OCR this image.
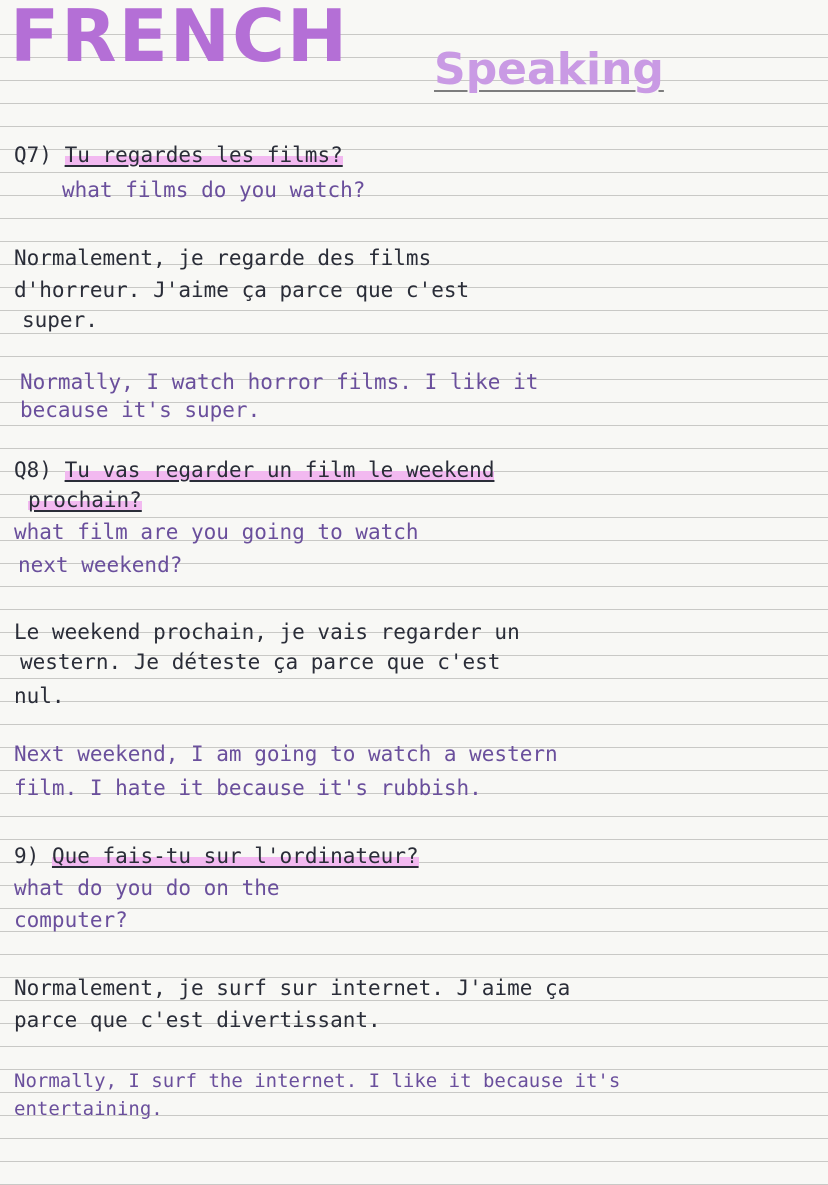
FRENCH Speaking
Q7) Tu regardes les films?
what films do you watch?
Normalement, je regarde des films
d'horreur. J'aime ça parce que c'est
super.
Normally, I watch horror films. I like it
because it's super.
Q8) Tu vas regarder un film le weekend
prochain?
what film are you going to watch
next weekend?
Le weekend prochain, je vais regarder un
western. Je déteste ça parce que c'est
nul.
Next weekend, I am going to watch a western
film. I hate it because it's rubbish.
9) Que fais-tu sur l'ordinateur?
what do you do on the
computer?
Normalement, je surf sur internet. J'aime ça
parce que c'est divertissant.
Normally, I surf the internet. I like it because it's
entertaining.
